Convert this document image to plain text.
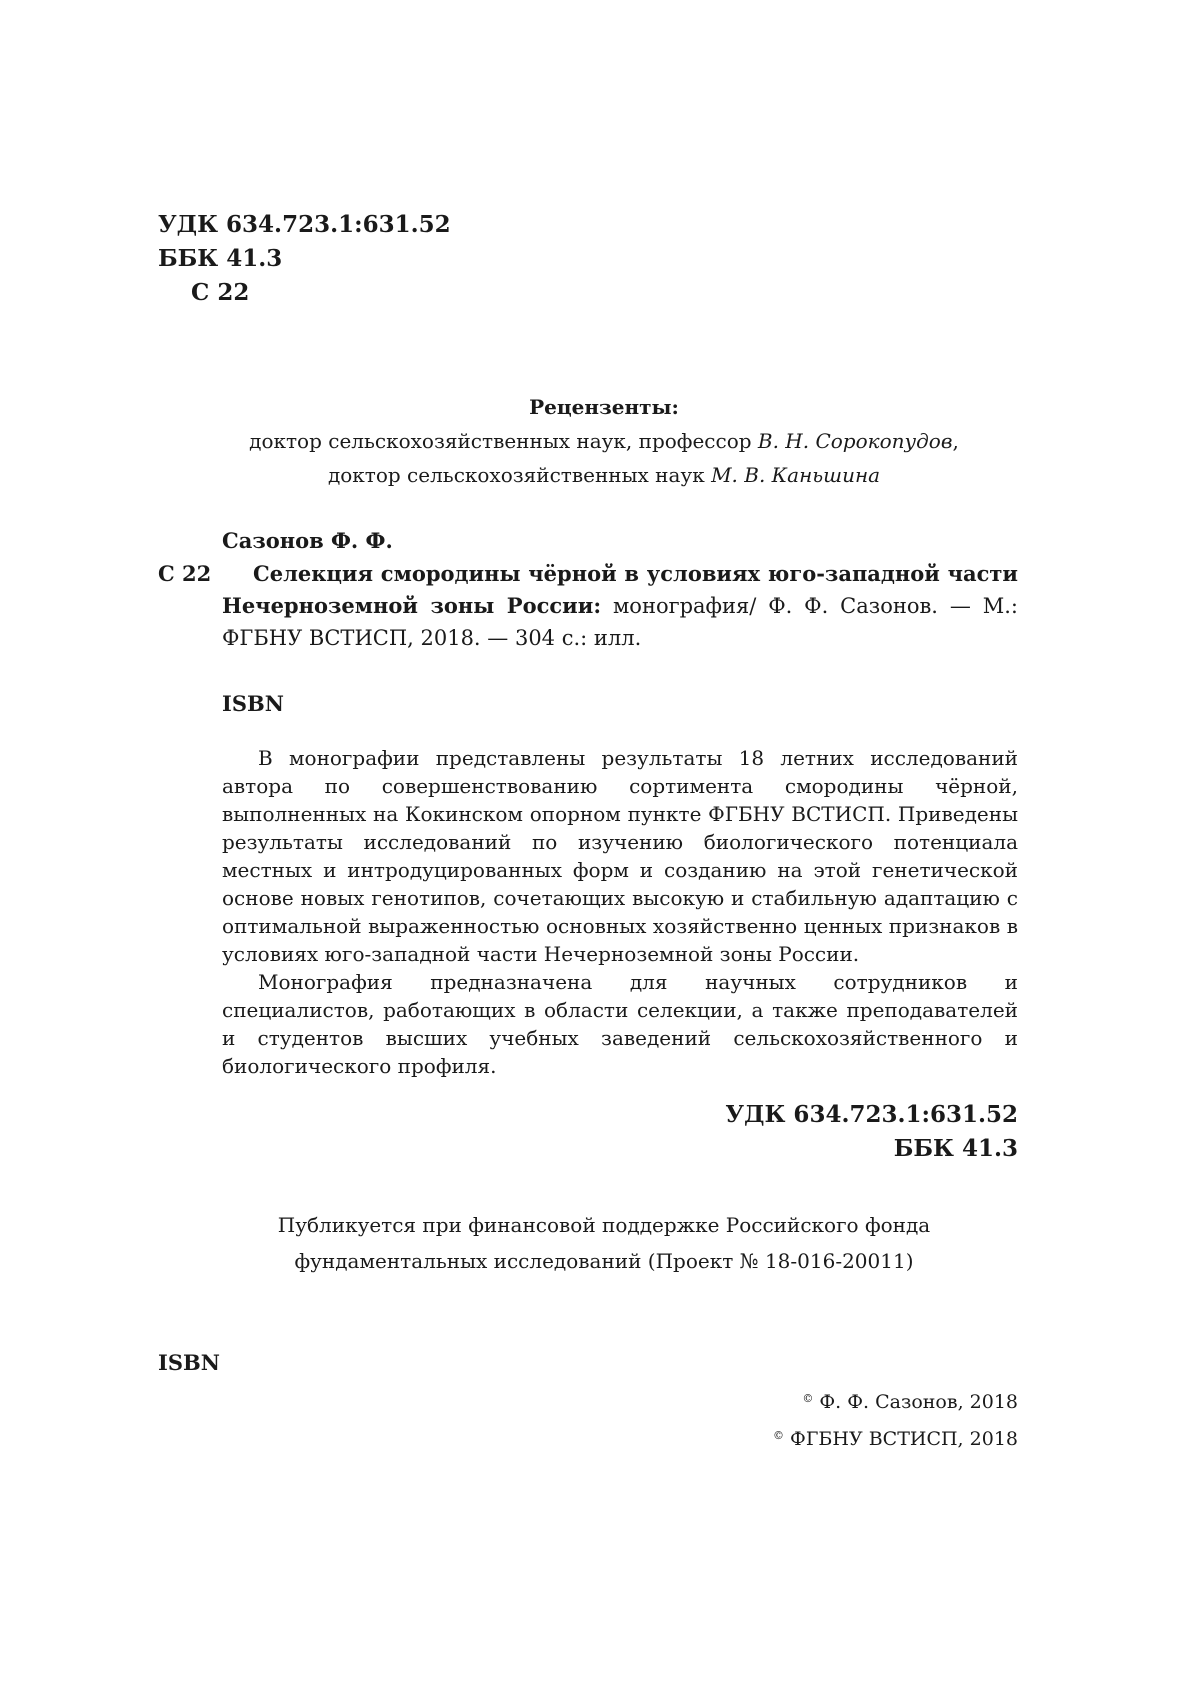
УДК 634.723.1:631.52
ББК 41.3
С 22
Рецензенты:
доктор сельскохозяйственных наук, профессор В. Н. Сорокопудов,
доктор сельскохозяйственных наук М. В. Каньшина
Сазонов Ф. Ф.
С 22	Селекция смородины чёрной в условиях юго-западной части Нечерноземной зоны России: монография/ Ф. Ф. Сазонов. — М.: ФГБНУ ВСТИСП, 2018. — 304 с.: илл.
ISBN

В монографии представлены результаты 18 летних исследований автора по совершенствованию сортимента смородины чёрной, выполненных на Кокинском опорном пункте ФГБНУ ВСТИСП. Приведены результаты исследований по изучению биологического потенциала местных и интродуцированных форм и созданию на этой генетической основе новых генотипов, сочетающих высокую и стабильную адаптацию с оптимальной выраженностью основных хозяйственно ценных признаков в условиях юго-западной части Нечерноземной зоны России.

Монография предназначена для научных сотрудников и специалистов, работающих в области селекции, а также преподавателей и студентов высших учебных заведений сельскохозяйственного и биологического профиля.

УДК 634.723.1:631.52
ББК 41.3
Публикуется при финансовой поддержке Российского фонда
фундаментальных исследований (Проект № 18-016-20011)
ISBN
© Ф. Ф. Сазонов, 2018
© ФГБНУ ВСТИСП, 2018
